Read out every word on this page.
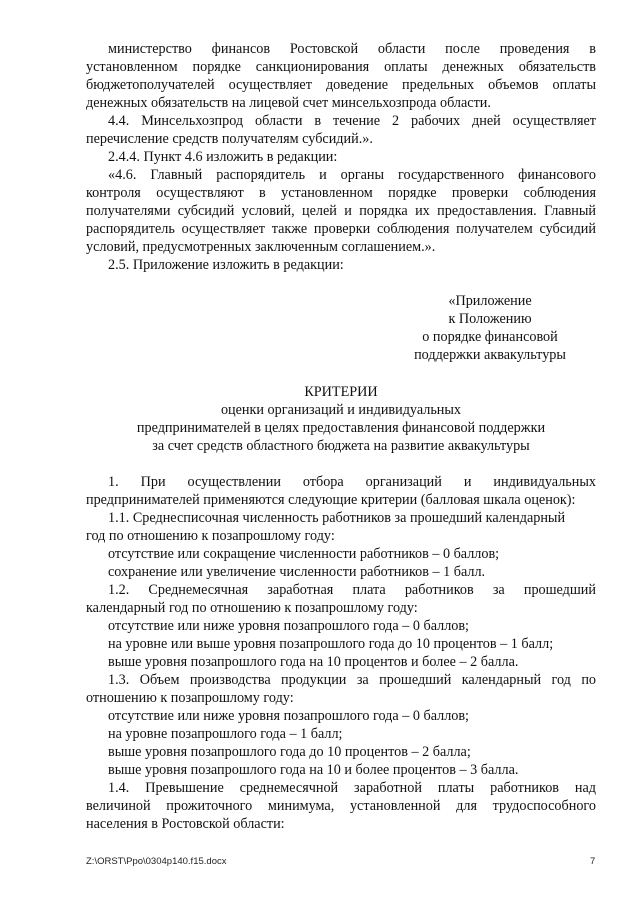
министерство финансов Ростовской области после проведения в
установленном порядке санкционирования оплаты денежных обязательств
бюджетополучателей осуществляет доведение предельных объемов оплаты
денежных обязательств на лицевой счет минсельхозпрода области.
4.4. Минсельхозпрод области в течение 2 рабочих дней осуществляет
перечисление средств получателям субсидий.».
2.4.4. Пункт 4.6 изложить в редакции:
«4.6. Главный распорядитель и органы государственного финансового
контроля осуществляют в установленном порядке проверки соблюдения
получателями субсидий условий, целей и порядка их предоставления. Главный
распорядитель осуществляет также проверки соблюдения получателем субсидий
условий, предусмотренных заключенным соглашением.».
2.5. Приложение изложить в редакции:
«Приложение
к Положению
о порядке финансовой
поддержки аквакультуры
КРИТЕРИИ
оценки организаций и индивидуальных
предпринимателей в целях предоставления финансовой поддержки
за счет средств областного бюджета на развитие аквакультуры
1. При осуществлении отбора организаций и индивидуальных
предпринимателей применяются следующие критерии (балловая шкала оценок):
1.1. Среднесписочная численность работников за прошедший календарный
год по отношению к позапрошлому году:
отсутствие или сокращение численности работников – 0 баллов;
сохранение или увеличение численности работников – 1 балл.
1.2. Среднемесячная заработная плата работников за прошедший
календарный год по отношению к позапрошлому году:
отсутствие или ниже уровня позапрошлого года – 0 баллов;
на уровне или выше уровня позапрошлого года до 10 процентов – 1 балл;
выше уровня позапрошлого года на 10 процентов и более – 2 балла.
1.3. Объем производства продукции за прошедший календарный год по
отношению к позапрошлому году:
отсутствие или ниже уровня позапрошлого года – 0 баллов;
на уровне позапрошлого года – 1 балл;
выше уровня позапрошлого года до 10 процентов – 2 балла;
выше уровня позапрошлого года на 10 и более процентов – 3 балла.
1.4. Превышение среднемесячной заработной платы работников над
величиной прожиточного минимума, установленной для трудоспособного
населения в Ростовской области:
Z:\ORST\Ppo\0304p140.f15.docx	7
